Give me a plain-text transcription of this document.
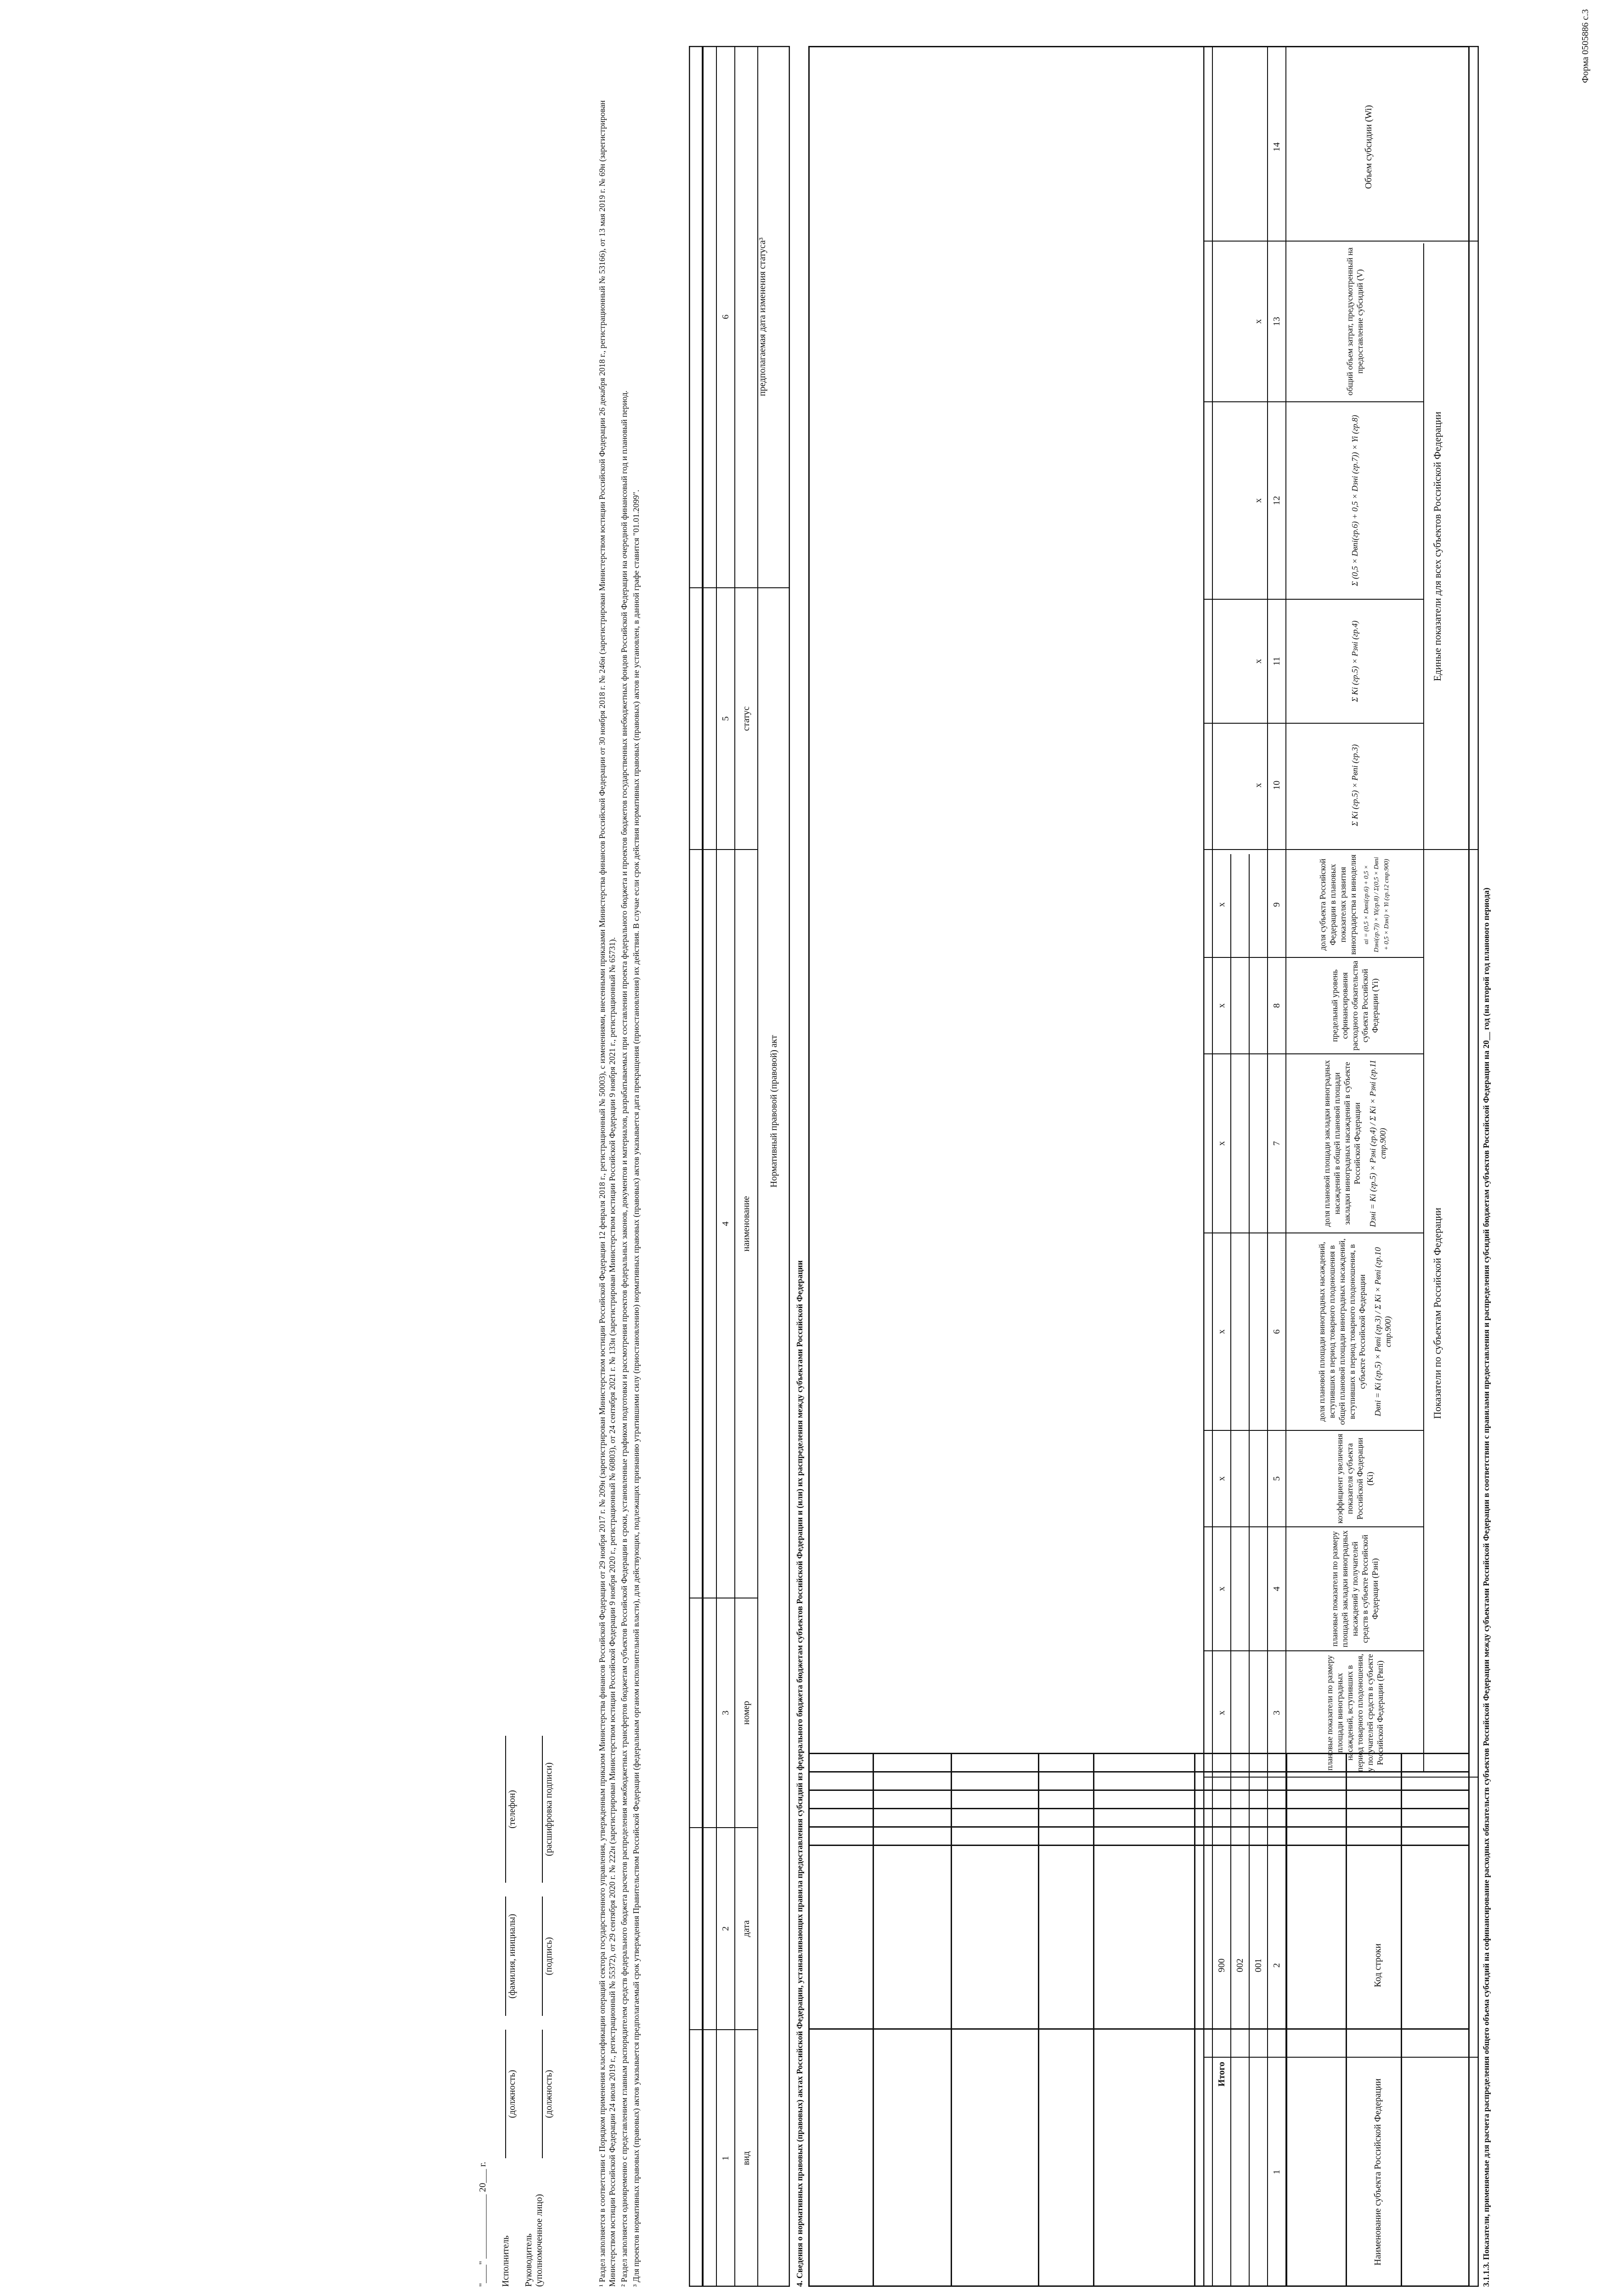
Форма 0505886 с.3
3.1.1.3. Показатели, применяемые для расчета распределения общего объема субсидий на софинансирование расходных обязательств субъектов Российской Федерации между субъектами Российской Федерации в соответствии с правилами предоставления и распределения субсидий бюджетам субъектов Российской Федерации на 20__ год (на второй год планового периода)
Наименование субъекта Российской Федерации
Код строки
1
2
Показатели по субъектам Российской Федерации
Единые показатели для всех субъектов Российской Федерации
Объем субсидии (Wi)
плановые показатели по размеру площади виноградных насаждений, вступивших в период товарного плодоношения, у получателей средств в субъекте Российской Федерации (Pвпi)
плановые показатели по размеру площадей закладки виноградных насаждений у получателей средств в субъекте Российской Федерации (Pзнi)
коэффициент увеличения показателя субъекта Российской Федерации (Ki)
доля плановой площади виноградных насаждений, вступивших в период товарного плодоношения в общей плановой площади виноградных насаждений, вступивших в период товарного плодоношения, в субъекте Российской Федерации Dвпi = Ki (гр.5) × Pвпi (гр.3) / Σ Ki × Pвпi (гр.10 стр.900)
доля плановой площади закладки виноградных насаждений в общей плановой площади закладки виноградных насаждений в субъекте Российской Федерации Dзнi = Ki (гр.5) × Pзнi (гр.4) / Σ Ki × Pзнi (гр.11 стр.900)
предельный уровень софинансирования расходного обязательства субъекта Российской Федерации (Yi)
доля субъекта Российской Федерации в плановых показателях развития виноградарства и виноделия αi = (0,5 × Dвпi(гр.6) + 0,5 × Dзнi(гр.7)) × Yi(гр.8) / Σ(0,5 × Dвпi + 0,5 × Dзнi) × Yi (гр.12 стр.900)
Σ Ki (гр.5) × Pвпi (гр.3)
Σ Ki (гр.5) × Pзнi (гр.4)
Σ (0,5 × Dвпi(гр.6) + 0,5 × Dзнi (гр.7)) × Yi (гр.8)
общий объем затрат, предусмотренный на предоставление субсидий (V)
3
4
5
6
7
8
9
10
11
12
13
14
001
002
Итого
900
x
x
x
x
x
x
x
x
x
x
x
4. Сведения о нормативных правовых (правовых) актах Российской Федерации, устанавливающих правила предоставления субсидий из федерального бюджета бюджетам субъектов Российской Федерации и (или) их распределения между субъектами Российской Федерации
Нормативный правовой (правовой) акт
вид
дата
номер
наименование
статус
предполагаемая дата изменения статуса³
1
2
3
4
5
6
¹ Раздел заполняется в соответствии с Порядком применения классификации операций сектора государственного управления, утвержденным приказом Министерства финансов Российской Федерации от 29 ноября 2017 г. № 209н (зарегистрирован Министерством юстиции Российской Федерации 12 февраля 2018 г., регистрационный № 50003), с изменениями, внесенными приказами Министерства финансов Российской Федерации от 30 ноября 2018 г. № 246н (зарегистрирован Министерством юстиции Российской Федерации 26 декабря 2018 г., регистрационный № 53166), от 13 мая 2019 г. № 69н (зарегистрирован Министерством юстиции Российской Федерации 24 июля 2019 г., регистрационный № 55372), от 29 сентября 2020 г. № 222н (зарегистрирован Министерством юстиции Российской Федерации 9 ноября 2020 г., регистрационный № 60803), от 24 сентября 2021 г. № 133н (зарегистрирован Министерством юстиции Российской Федерации 9 ноября 2021 г., регистрационный № 65731). ² Раздел заполняется одновременно с представлением главным распорядителем средств федерального бюджета расчетов распределения межбюджетных трансфертов бюджетам субъектов Российской Федерации в сроки, установленные графиком подготовки и рассмотрения проектов федеральных законов, документов и материалов, разрабатываемых при составлении проекта федерального бюджета и проектов бюджетов государственных внебюджетных фондов Российской Федерации на очередной финансовый год и плановый период. ³ Для проектов нормативных правовых (правовых) актов указывается предполагаемый срок утверждения Правительством Российской Федерации (федеральным органом исполнительной власти), для действующих, подлежащих признанию утратившими силу (приостановлению) нормативных правовых (правовых) актов указывается дата прекращения (приостановления) их действия. В случае если срок действия нормативных правовых (правовых) актов не установлен, в данной графе ставится "01.01.2099".
Руководитель (уполномоченное лицо)
(должность)
(подпись)
(расшифровка подписи)
Исполнитель
(должность)
(фамилия, инициалы)
(телефон)
"____" ______________ 20___ г.
